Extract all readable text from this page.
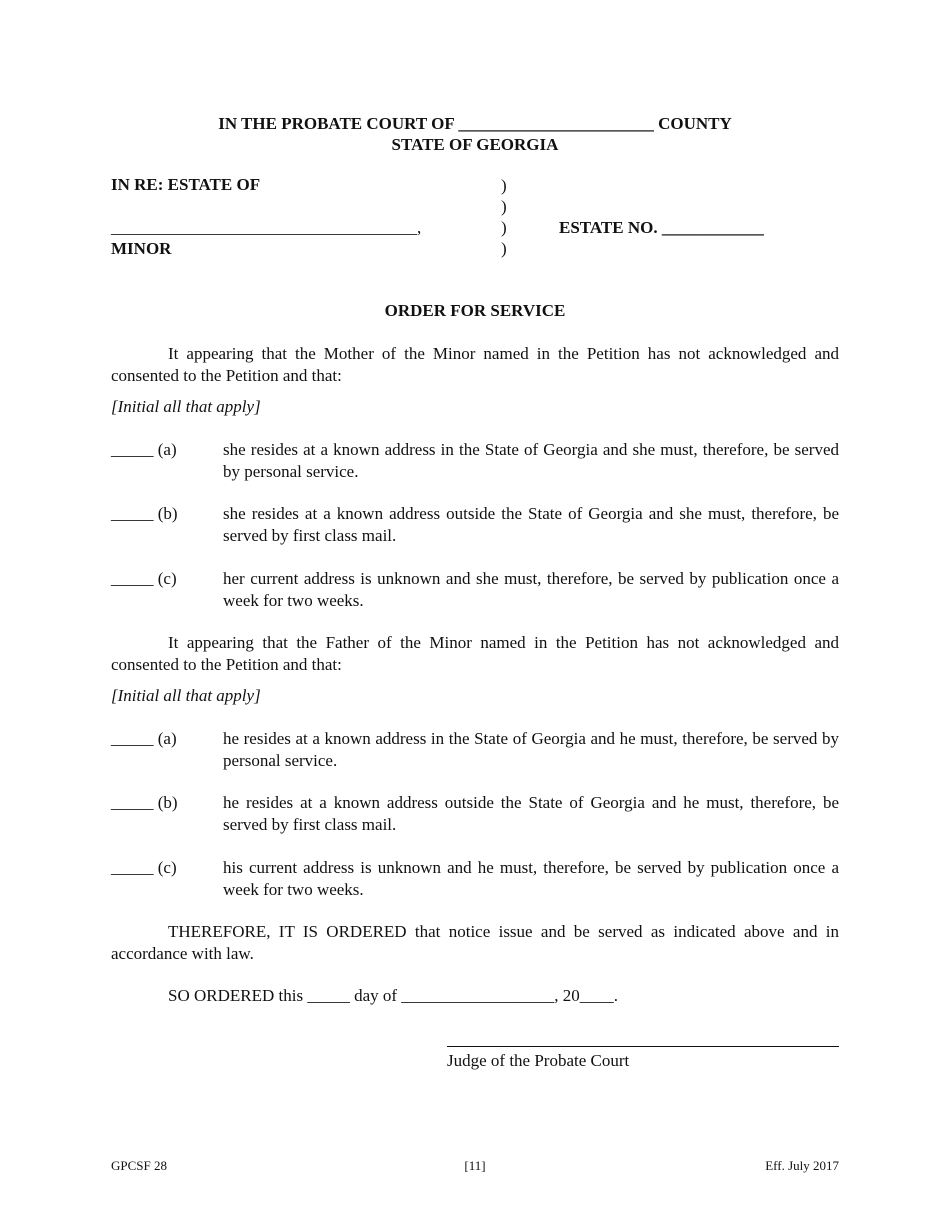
IN THE PROBATE COURT OF _______________________ COUNTY
STATE OF GEORGIA
IN RE: ESTATE OF
____________________________________,
MINOR
)
)
)
)
ESTATE NO. ____________
ORDER FOR SERVICE
It appearing that the Mother of the Minor named in the Petition has not acknowledged and consented to the Petition and that:
[Initial all that apply]
_____ (a)	she resides at a known address in the State of Georgia and she must, therefore, be served by personal service.
_____ (b)	she resides at a known address outside the State of Georgia and she must, therefore, be served by first class mail.
_____ (c)	her current address is unknown and she must, therefore, be served by publication once a week for two weeks.
It appearing that the Father of the Minor named in the Petition has not acknowledged and consented to the Petition and that:
[Initial all that apply]
_____ (a)	he resides at a known address in the State of Georgia and he must, therefore, be served by personal service.
_____ (b)	he resides at a known address outside the State of Georgia and he must, therefore, be served by first class mail.
_____ (c)	his current address is unknown and he must, therefore, be served by publication once a week for two weeks.
THEREFORE, IT IS ORDERED that notice issue and be served as indicated above and in accordance with law.
SO ORDERED this _____ day of __________________, 20____.
Judge of the Probate Court
GPCSF 28	[11]	Eff. July 2017
